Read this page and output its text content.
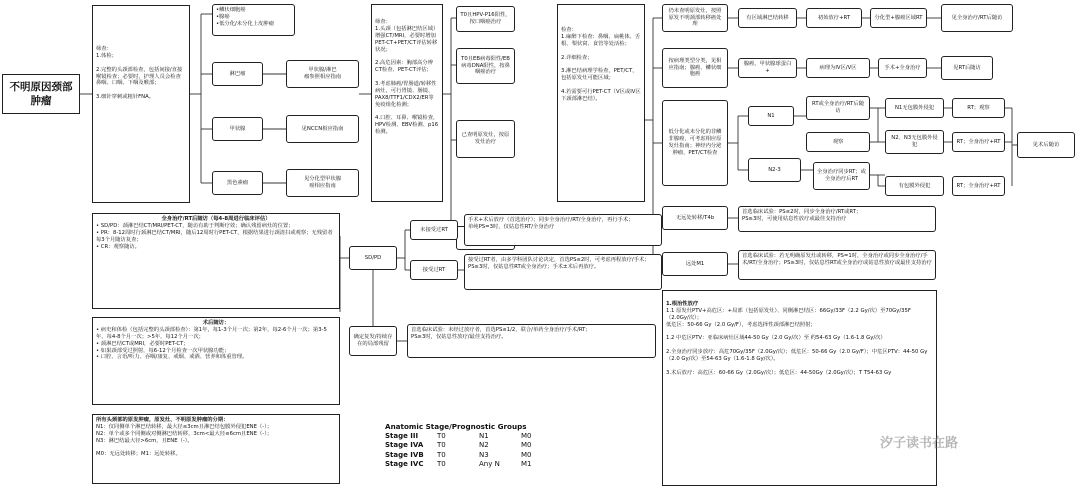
不明原因颈部
肿瘤
筛查：
1.体检；

2.完整的头颈部检查，包括间接/直接喉镜检查；必要时，护理人员会检查鼻咽、口咽、下咽及喉部；

3.细针穿刺或粗针FNA。
•鳞状细胞癌
•腺癌
•低分化/未分化上皮肿瘤
淋巴瘤
甲状腺
黑色素瘤
甲状腺/淋巴
瘤参照相应指南
见NCCN相应指南
见分化型甲状腺
癌相应指南
筛查：
1.头颈（包括淋巴结区域）增强CT/MRI，必要时增加PET-CT+PET/CT评估转移状况；

2.高危因素：胸部高分辨CT检查、PET-CT评估；

3.考虑肺癌/胃肠道/转移性病灶，可行胃镜、肠镜、PAX8/TTF1/CDX2/ER等免疫组化检测；

4.口腔、耳鼻、喉镜检查，HPV检测、EBV检测、p16检测。
T0且HPV-P16阳性，按口咽癌治疗
T0且EB病毒阳性/EB病毒DNA阳性，按鼻咽癌治疗
已查明原发灶，按原发灶治疗
检查：
1.麻醉下检查：鼻咽、扁桃体、舌根、梨状窝、食管等处活检；

2.详细检查；

3.淋巴结病理学检查，PET/CT，包括原发灶可能区域；

4.若需要可行PET-CT（V区或IV区下颈部淋巴结）。
仍未查明原发灶，按照原发不明颈部转移癌处理
按病理类型分类，见相应指南；腺癌、鳞状细胞癌
低分化或未分化的非鳞非腺癌，可考虑相应原发灶指南；神经内分泌肿瘤、PET/CT检查
无远处转移/T4b
远处M1
有区域淋巴结转移	初始放疗+RT	分化型+腺癌区域RT	见全身治疗/RT后随访
腺癌，甲状腺球蛋白+
病理为IV区/V区	手术+全身治疗	见RT后随访
N1
RT或全身治疗/RT后随访
N1无包膜外侵犯	RT；观察
观察
N2、N3无包膜外侵犯
RT；全身治疗+RT
N2-3	全身治疗同步RT；或全身治疗后RT
有包膜外侵犯	RT；全身治疗+RT
见术后随访
首选临床试验：PS≤2时，同步全身治疗/RT或RT；
PS≥3时，可使用姑息性放疗或最佳支持治疗
首选临床试验：若无明确原发灶或转移，PS=1时，全身治疗或同步全身治疗/手术/RT/全身治疗；PS≥3时，仅姑息性RT或全身治疗或姑息性放疗或最佳支持治疗
全身治疗/RT后随访（每4-8周进行临床评估）
• SD/PD：颈淋巴结CT/MRI/PET-CT，随访有助于判断疗效；确认残留病灶的位置；
• PR：8-12周时行颈淋巴结CT/MRI，随后12周时行PET-CT，根据结果进行颈清扫或观察；无残留者每3个月随访复查；
• CR：观察随访。
SD/PD
未接受过RT
接受过RT
手术+术后放疗（首选治疗）；同步全身治疗/RT/全身治疗，再行手术；
单纯PS=3时，仅姑息性RT/全身治疗
接受过RT者，由多学科团队讨论决定，首选PS≤2时，可考虑再程放疗/手术；
PS≥3时，仅姑息性RT或全身治疗；手术±术后再放疗。
术后随访：
• 病史和体检（包括完整的头颈部检查）：第1年，每1-3个月一次；第2年，每2-6个月一次；第3-5年，每4-8个月一次；>5年，每12个月一次；
• 颈淋巴结CT或MRI，必要时PET-CT；
• 如果颈部受过照射，每6-12个月检查一次甲状腺功能；
• 口腔、言语/听力、吞咽/康复、戒烟、戒酒、营养和体重管理。
确定复发/持续存在的局部残留
首选临床试验：未经过放疗者，首选PS≤1/2，联合/单药全身治疗/手术/RT；
PS≥3时，仅姑息性放疗/最佳支持治疗。
所有头颈部的原发肿瘤，原发灶、不明原发肿瘤的分期：
N1：仅同侧单个淋巴结转移，最大径≤3cm且淋巴结包膜外侵犯ENE（-）；
N2：单个或多个同侧或对侧淋巴结转移，3cm<最大径≤6cm且ENE（-）；
N3：淋巴结最大径>6cm，且ENE（-）。

M0：无远处转移；M1：远处转移。
1.根治性放疗
1.1 原发灶PTV+高危区：+局部（包括原发灶）、同侧淋巴结区：66Gy/33F（2.2 Gy/次）至70Gy/35F（2.0Gy/次）；
低危区：50-66 Gy（2.0 Gy/F），考虑选择性颈部淋巴结照射；

1.2 中危区PTV：亚临床病灶区域44-50 Gy（2.0 Gy/次）至 约54-63 Gy（1.6-1.8 Gy/次）

2.全身治疗同步放疗：高危70Gy/35F（2.0Gy/次）；低危区：50-66 Gy（2.0 Gy/F）；中危区PTV：44-50 Gy（2.0 Gy/次）至54-63 Gy（1.6-1.8 Gy/次）。

3.术后放疗：高危区：60-66 Gy（2.0Gy/次）；低危区：44-50Gy（2.0Gy/次）；T T54-63 Gy
Anatomic Stage/Prognostic Groups
Stage III	T0	N1	M0
Stage IVA	T0	N2	M0
Stage IVB	T0	N3	M0
Stage IVC	T0	Any N	M1
汐子读书在路
